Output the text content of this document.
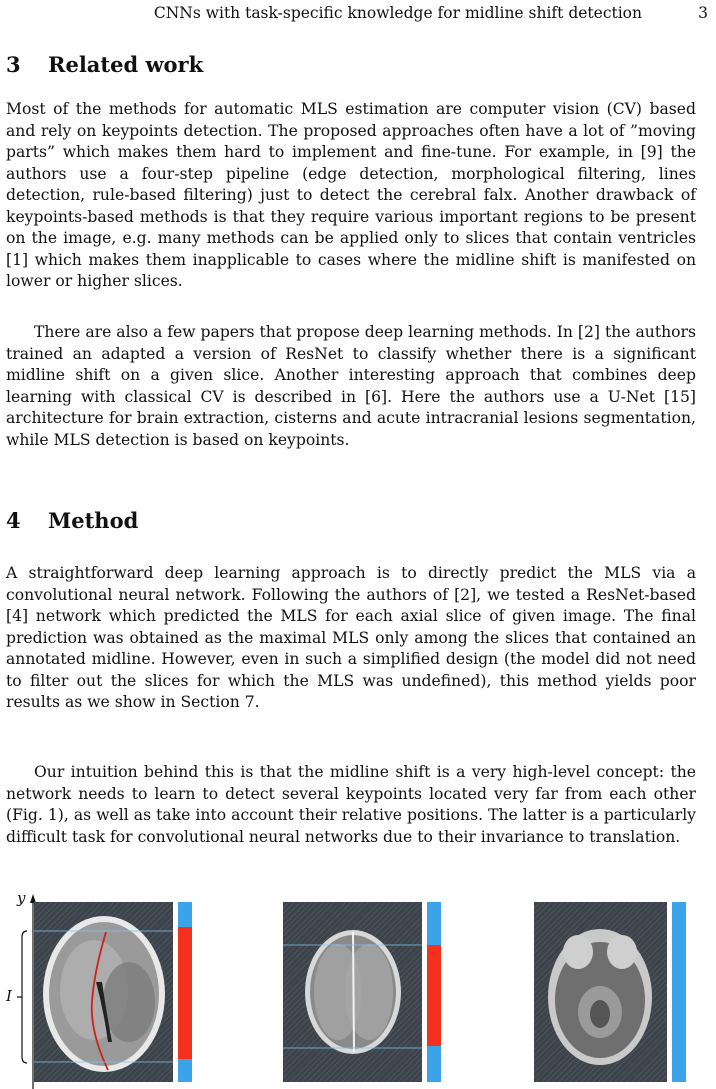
CNNs with task-specific knowledge for midline shift detection	3
3 Related work

Most of the methods for automatic MLS estimation are computer vision (CV) based and rely on keypoints detection. The proposed approaches often have a lot of ”moving parts” which makes them hard to implement and fine-tune. For example, in [9] the authors use a four-step pipeline (edge detection, morphological filtering, lines detection, rule-based filtering) just to detect the cerebral falx. Another drawback of keypoints-based methods is that they require various important regions to be present on the image, e.g. many methods can be applied only to slices that contain ventricles [1] which makes them inapplicable to cases where the midline shift is manifested on lower or higher slices.

There are also a few papers that propose deep learning methods. In [2] the authors trained an adapted a version of ResNet to classify whether there is a significant midline shift on a given slice. Another interesting approach that combines deep learning with classical CV is described in [6]. Here the authors use a U-Net [15] architecture for brain extraction, cisterns and acute intracranial lesions segmentation, while MLS detection is based on keypoints.

4 Method

A straightforward deep learning approach is to directly predict the MLS via a convolutional neural network. Following the authors of [2], we tested a ResNet-based [4] network which predicted the MLS for each axial slice of given image. The final prediction was obtained as the maximal MLS only among the slices that contained an annotated midline. However, even in such a simplified design (the model did not need to filter out the slices for which the MLS was undefined), this method yields poor results as we show in Section 7.

Our intuition behind this is that the midline shift is a very high-level concept: the network needs to learn to detect several keypoints located very far from each other (Fig. 1), as well as take into account their relative positions. The latter is a particularly difficult task for convolutional neural networks due to their invariance to translation.

y
I
